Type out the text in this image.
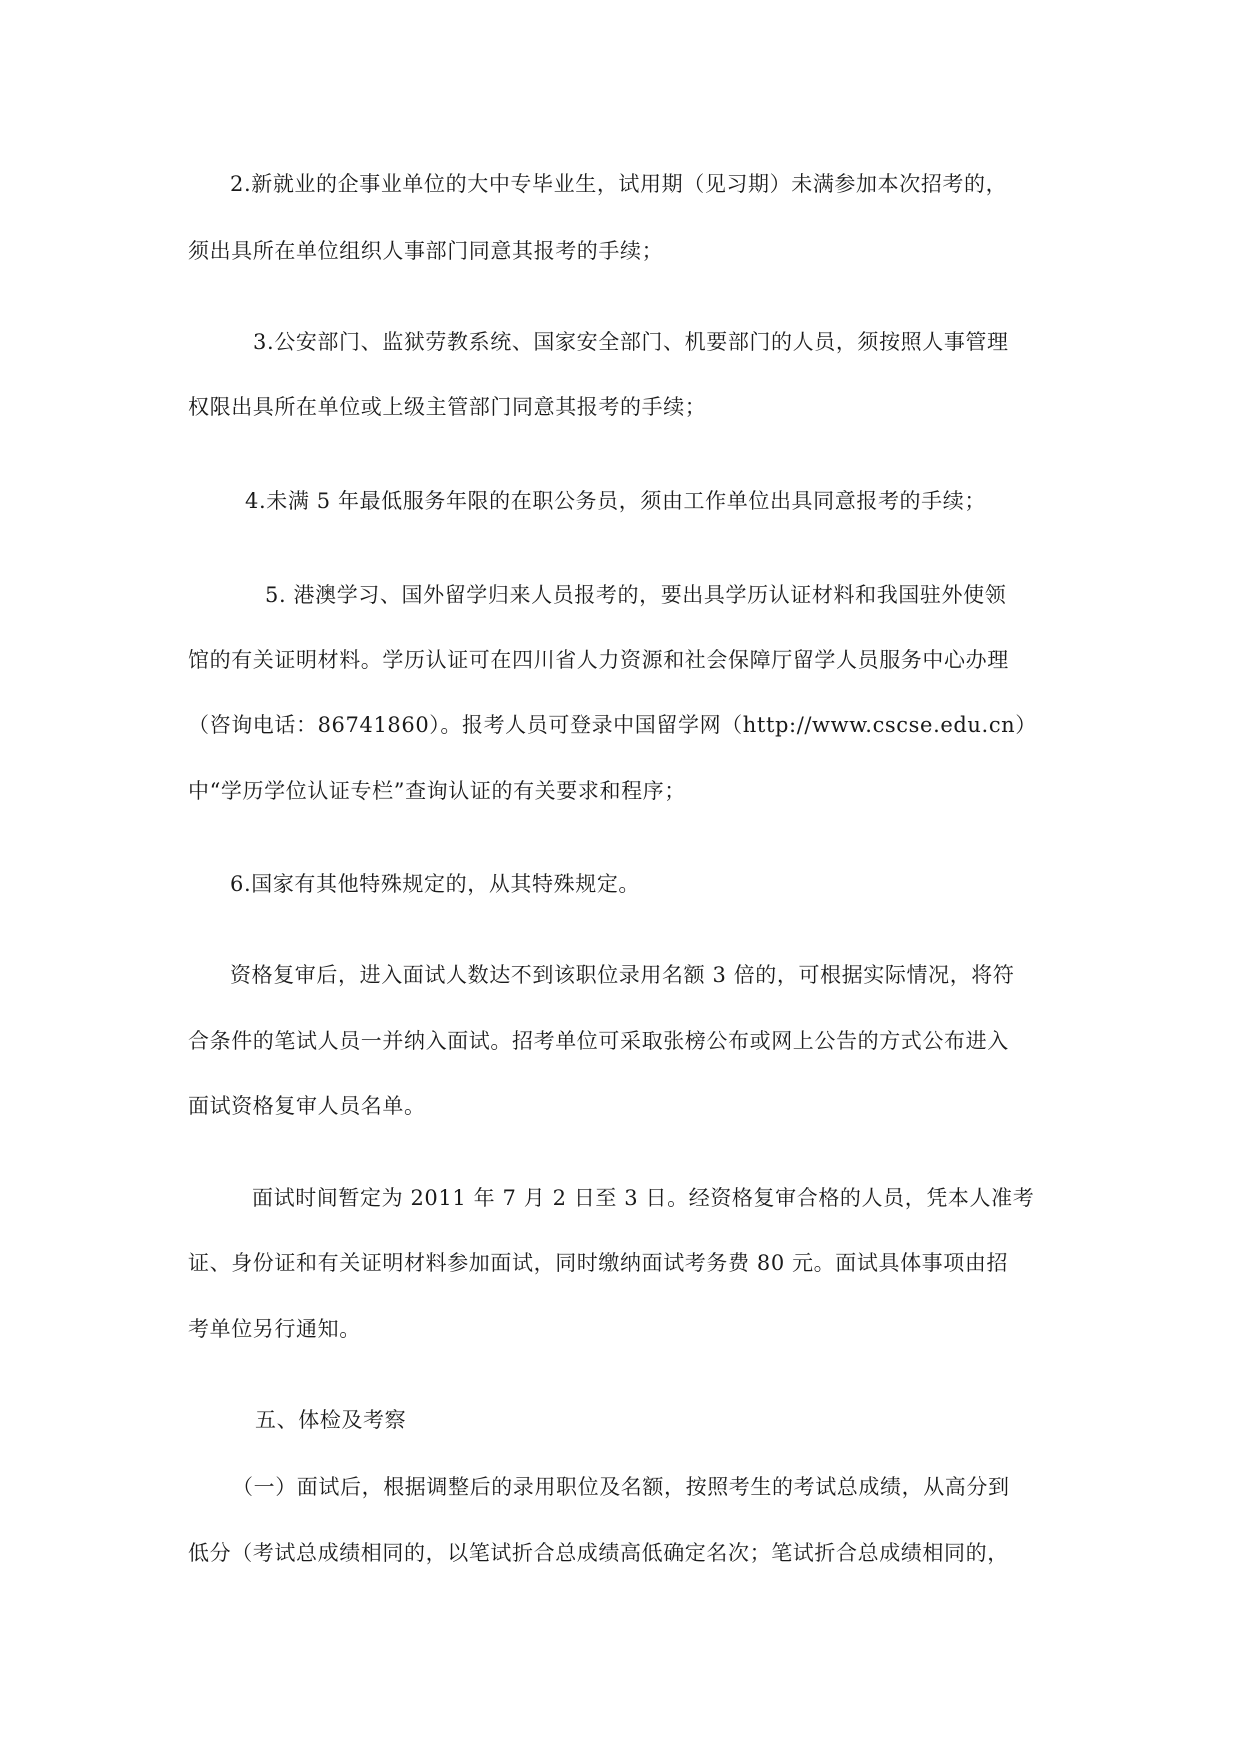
2.新就业的企事业单位的大中专毕业生，试用期（见习期）未满参加本次招考的，
须出具所在单位组织人事部门同意其报考的手续；
3.公安部门、监狱劳教系统、国家安全部门、机要部门的人员，须按照人事管理
权限出具所在单位或上级主管部门同意其报考的手续；
4.未满 5 年最低服务年限的在职公务员，须由工作单位出具同意报考的手续；
5. 港澳学习、国外留学归来人员报考的，要出具学历认证材料和我国驻外使领
馆的有关证明材料。学历认证可在四川省人力资源和社会保障厅留学人员服务中心办理
（咨询电话：86741860）。报考人员可登录中国留学网（http://www.cscse.edu.cn）
中“学历学位认证专栏”查询认证的有关要求和程序；
6.国家有其他特殊规定的，从其特殊规定。
资格复审后，进入面试人数达不到该职位录用名额 3 倍的，可根据实际情况，将符
合条件的笔试人员一并纳入面试。招考单位可采取张榜公布或网上公告的方式公布进入
面试资格复审人员名单。
面试时间暂定为 2011 年 7 月 2 日至 3 日。经资格复审合格的人员，凭本人准考
证、身份证和有关证明材料参加面试，同时缴纳面试考务费 80 元。面试具体事项由招
考单位另行通知。
五、体检及考察
（一）面试后，根据调整后的录用职位及名额，按照考生的考试总成绩，从高分到
低分（考试总成绩相同的，以笔试折合总成绩高低确定名次；笔试折合总成绩相同的，
